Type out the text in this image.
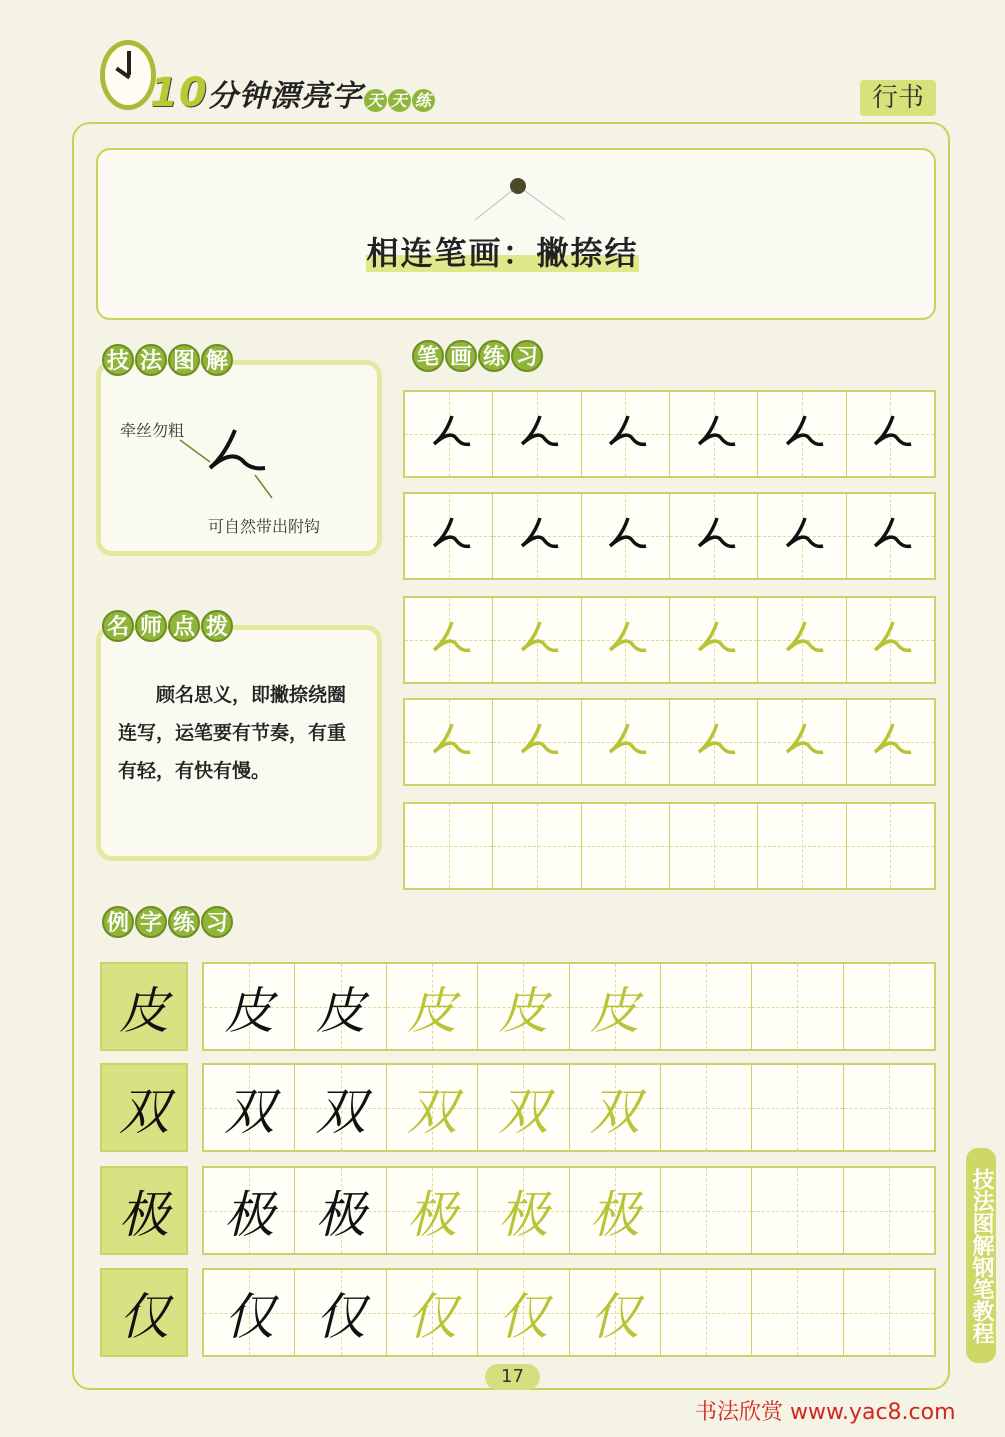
10分钟漂亮字 天 天 练	行书
相连笔画：撇捺结
技 法 图 解
牵丝勿粗
可自然带出附钩
名 师 点 拨
顾名思义，即撇捺绕圈连写，运笔要有节奏，有重有轻，有快有慢。
笔 画 练 习
例 字 练 习
皮 皮 皮 皮 皮 皮
双 双 双 双 双 双
极 极 极 极 极 极
仅 仅 仅 仅 仅 仅	技法图解钢笔教程
17
书法欣赏 www.yac8.com
